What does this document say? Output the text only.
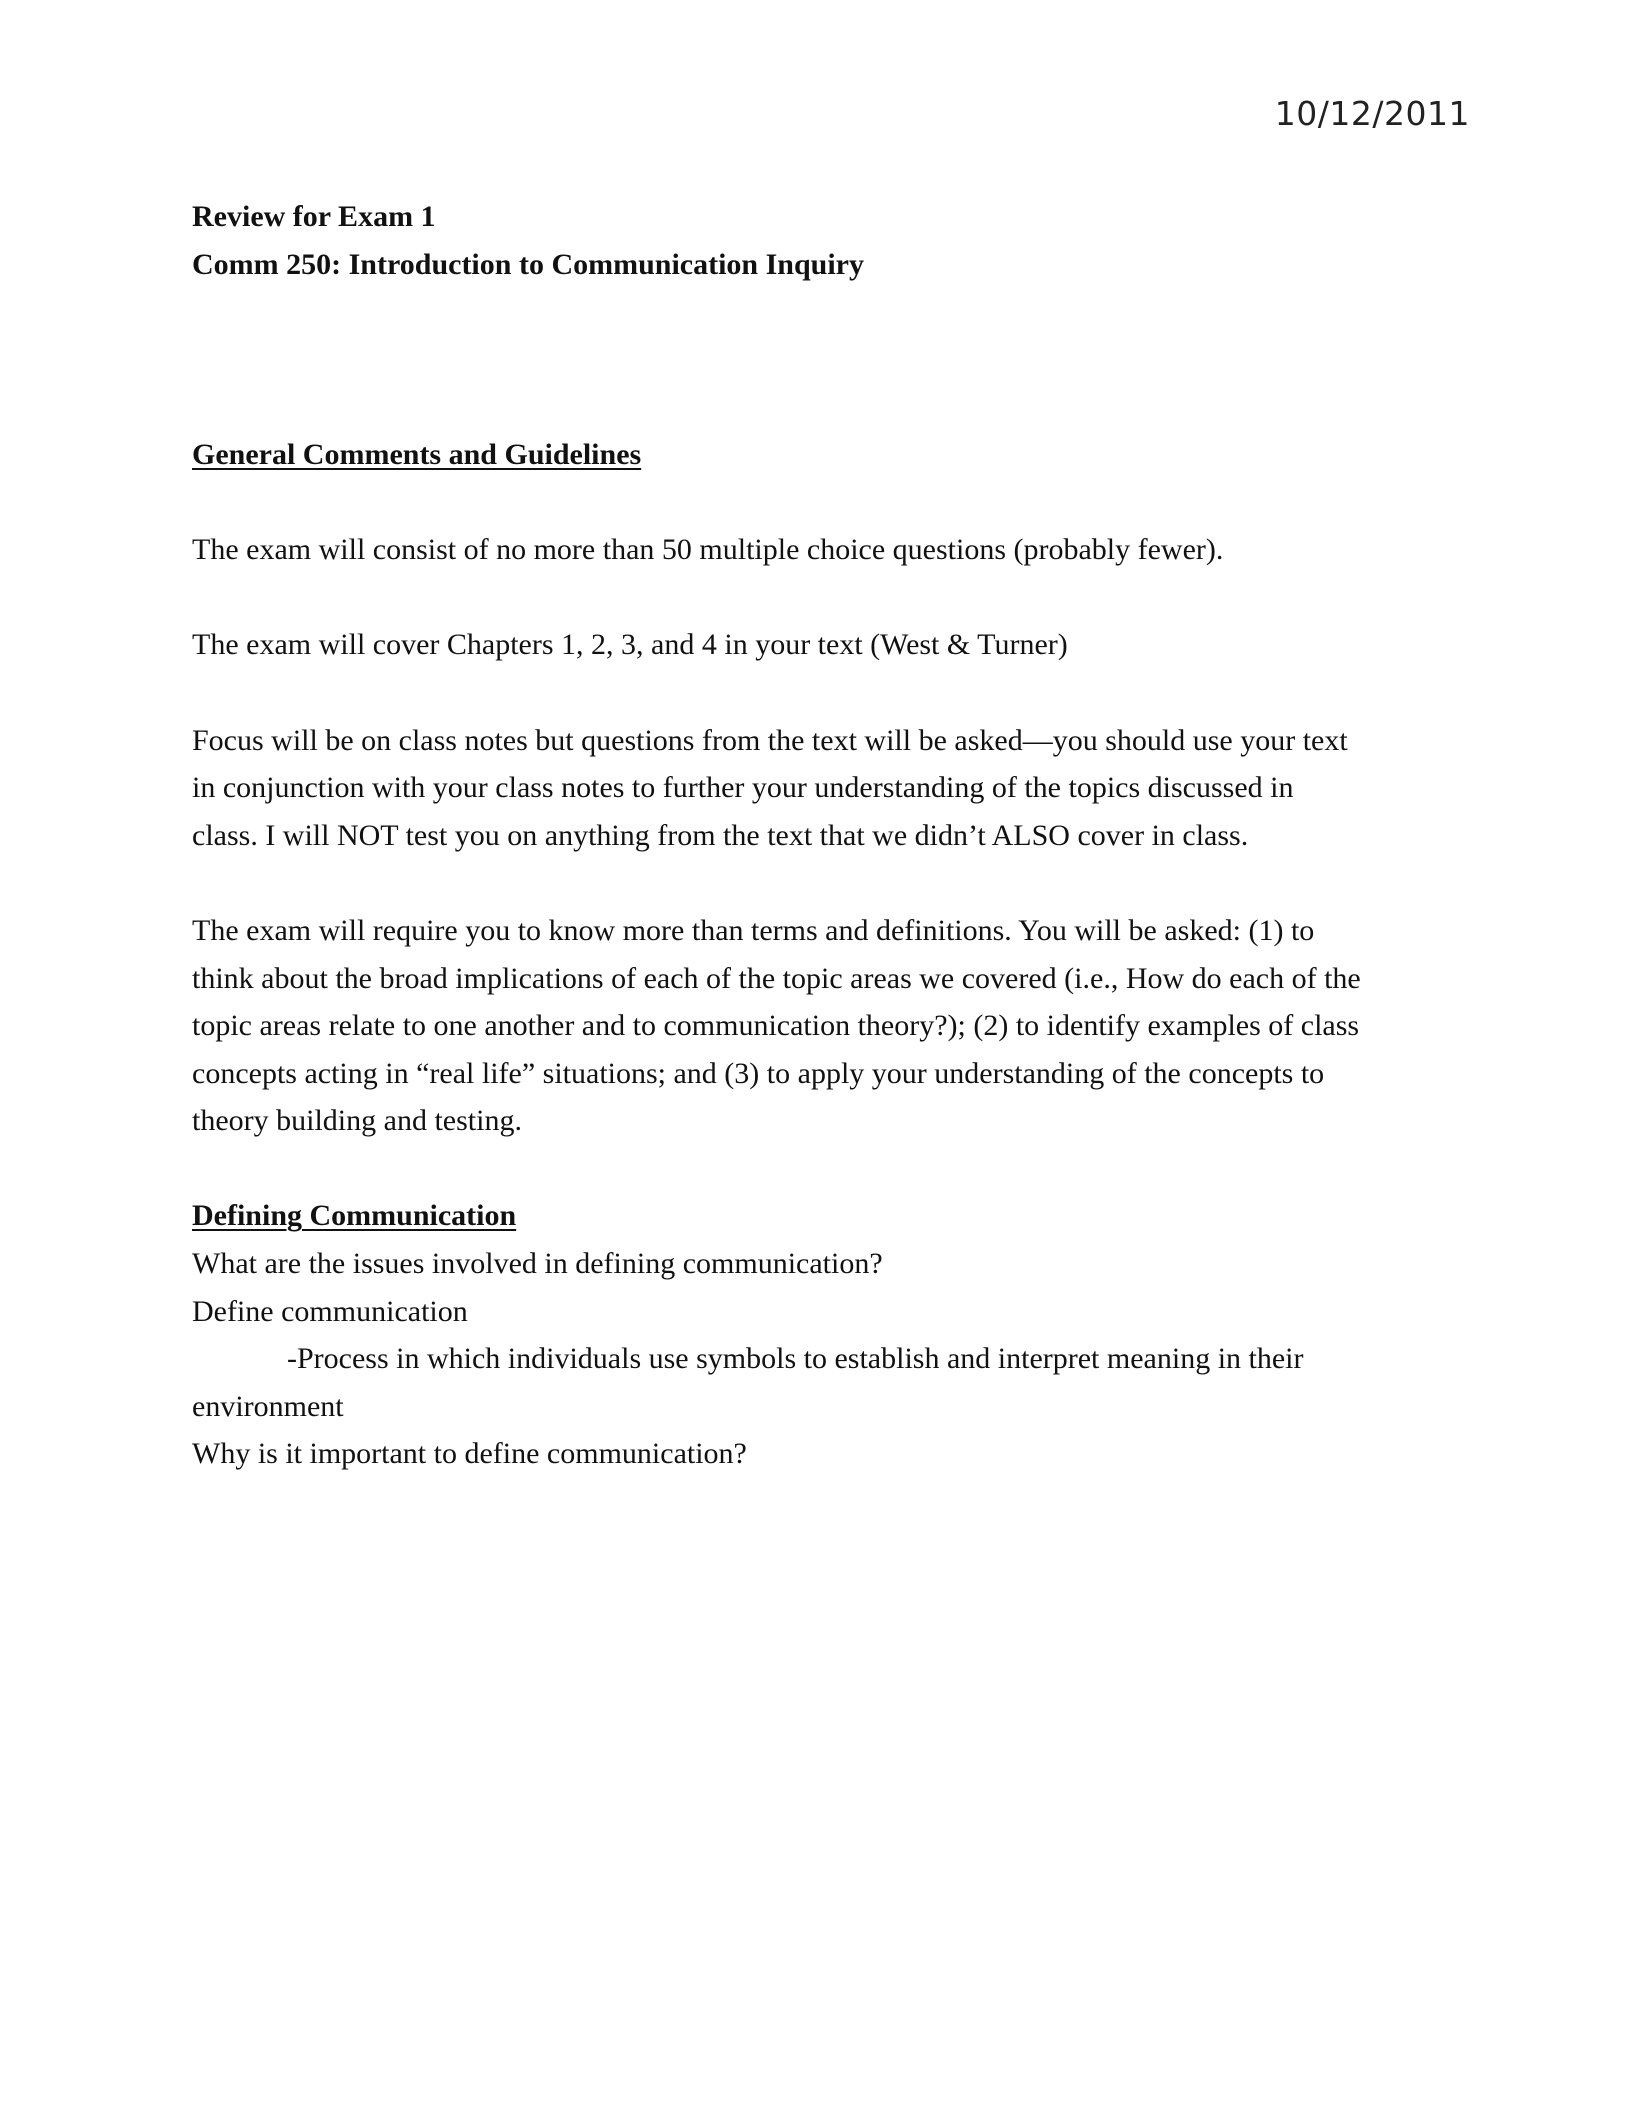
10/12/2011
Review for Exam 1
Comm 250: Introduction to Communication Inquiry
General Comments and Guidelines
The exam will consist of no more than 50 multiple choice questions (probably fewer).
The exam will cover Chapters 1, 2, 3, and 4 in your text (West & Turner)
Focus will be on class notes but questions from the text will be asked—you should use your text
in conjunction with your class notes to further your understanding of the topics discussed in
class. I will NOT test you on anything from the text that we didn’t ALSO cover in class.
The exam will require you to know more than terms and definitions. You will be asked: (1) to
think about the broad implications of each of the topic areas we covered (i.e., How do each of the
topic areas relate to one another and to communication theory?); (2) to identify examples of class
concepts acting in “real life” situations; and (3) to apply your understanding of the concepts to
theory building and testing.
Defining Communication
What are the issues involved in defining communication?
Define communication
-Process in which individuals use symbols to establish and interpret meaning in their
environment
Why is it important to define communication?
